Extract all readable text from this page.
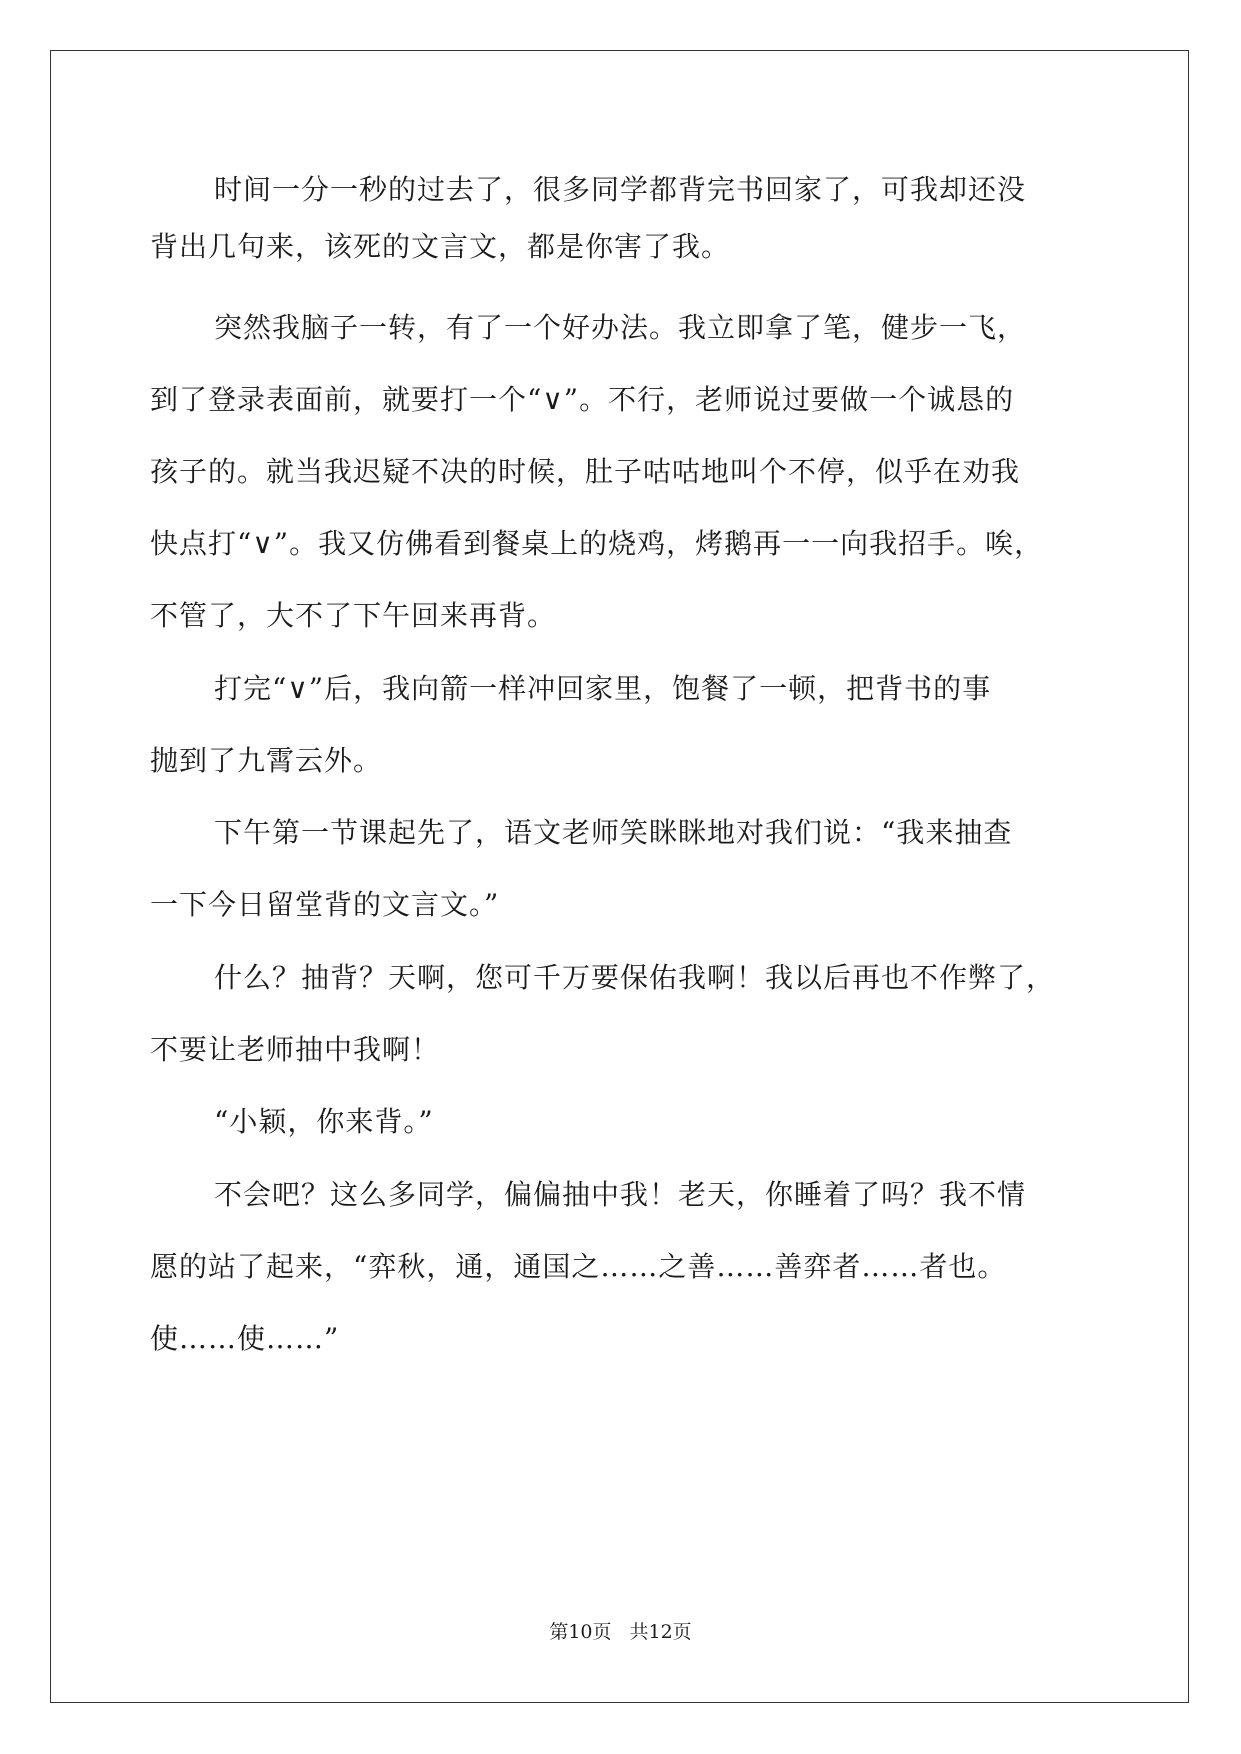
时间一分一秒的过去了，很多同学都背完书回家了，可我却还没
背出几句来，该死的文言文，都是你害了我。
突然我脑子一转，有了一个好办法。我立即拿了笔，健步一飞，
到了登录表面前，就要打一个“∨”。不行，老师说过要做一个诚恳的
孩子的。就当我迟疑不决的时候，肚子咕咕地叫个不停，似乎在劝我
快点打“∨”。我又仿佛看到餐桌上的烧鸡，烤鹅再一一向我招手。唉，
不管了，大不了下午回来再背。
打完“∨”后，我向箭一样冲回家里，饱餐了一顿，把背书的事
抛到了九霄云外。
下午第一节课起先了，语文老师笑眯眯地对我们说：“我来抽查
一下今日留堂背的文言文。”
什么？抽背？天啊，您可千万要保佑我啊！我以后再也不作弊了，
不要让老师抽中我啊！
“小颖，你来背。”
不会吧？这么多同学，偏偏抽中我！老天，你睡着了吗？我不情
愿的站了起来，“弈秋，通，通国之……之善……善弈者……者也。
使……使……”
第10页 共12页
